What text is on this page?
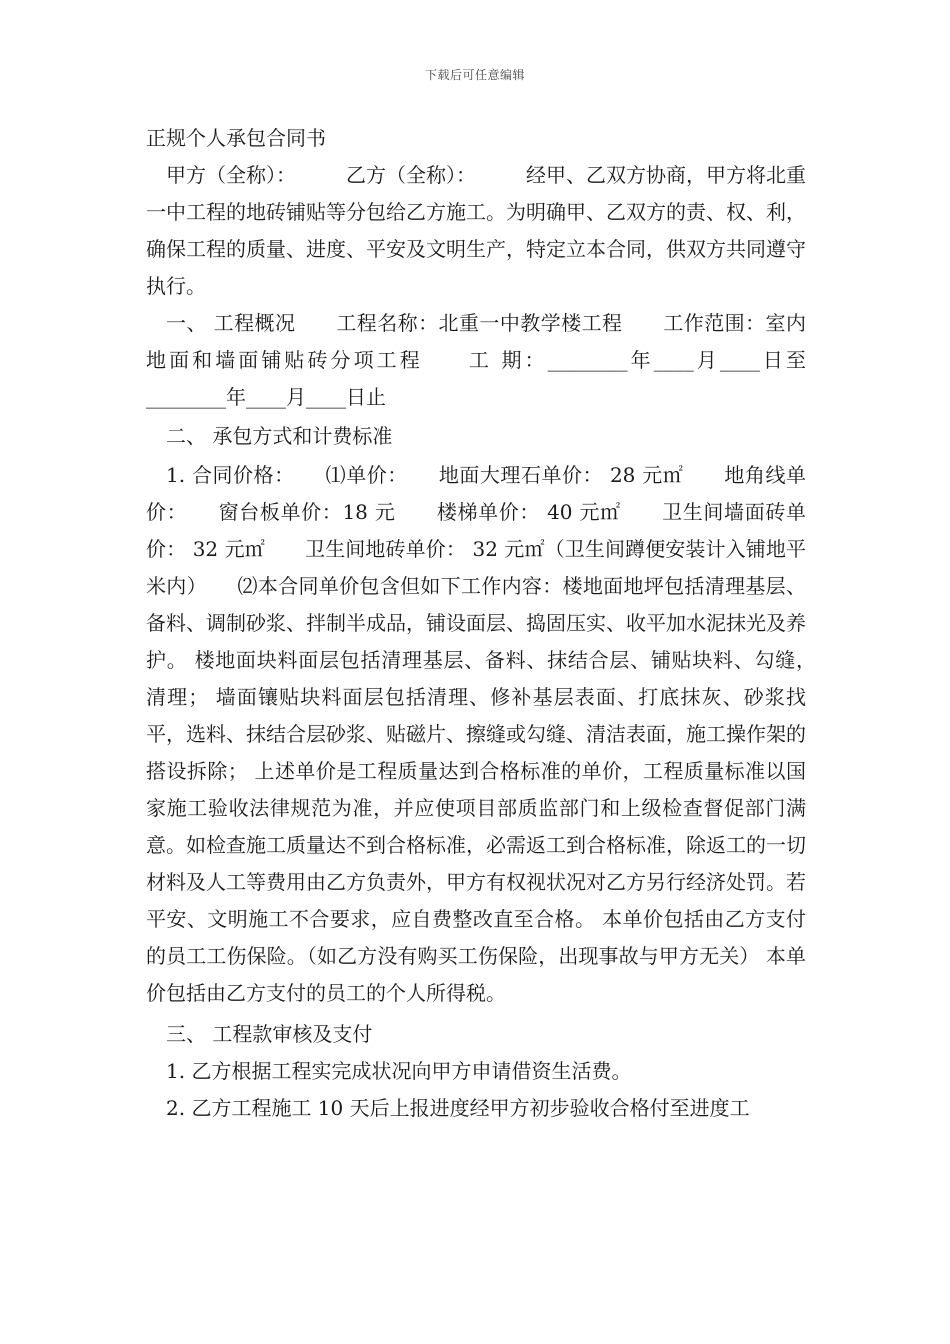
下载后可任意编辑
正规个人承包合同书

甲方（全称）：　　　乙方（全称）：　　　经甲、乙双方协商，甲方将北重一中工程的地砖铺贴等分包给乙方施工。为明确甲、乙双方的责、权、利，确保工程的质量、进度、平安及文明生产，特定立本合同，供双方共同遵守执行。

一、 工程概况　　工程名称：北重一中教学楼工程　　工作范围：室内地面和墙面铺贴砖分项工程　　工 期：________年____月____日至________年____月____日止

二、 承包方式和计费标准

1. 合同价格：　　⑴单价：　　地面大理石单价： 28 元㎡　　地角线单价：　　窗台板单价：18 元　　楼梯单价： 40 元㎡　　卫生间墙面砖单价： 32 元㎡　　卫生间地砖单价： 32 元㎡（卫生间蹲便安装计入铺地平米内）　　⑵本合同单价包含但如下工作内容：楼地面地坪包括清理基层、备料、调制砂浆、拌制半成品，铺设面层、捣固压实、收平加水泥抹光及养护。 楼地面块料面层包括清理基层、备料、抹结合层、铺贴块料、勾缝，　　清理； 墙面镶贴块料面层包括清理、修补基层表面、打底抹灰、砂浆找平，选料、抹结合层砂浆、贴磁片、擦缝或勾缝、清洁表面，施工操作架的搭设拆除； 上述单价是工程质量达到合格标准的单价，工程质量标准以国家施工验收法律规范为准，并应使项目部质监部门和上级检查督促部门满意。如检查施工质量达不到合格标准，必需返工到合格标准，除返工的一切材料及人工等费用由乙方负责外，甲方有权视状况对乙方另行经济处罚。若平安、文明施工不合要求，应自费整改直至合格。 本单价包括由乙方支付的员工工伤保险。（如乙方没有购买工伤保险，出现事故与甲方无关） 本单价包括由乙方支付的员工的个人所得税。

三、 工程款审核及支付

1. 乙方根据工程实完成状况向甲方申请借资生活费。

2. 乙方工程施工 10 天后上报进度经甲方初步验收合格付至进度工
